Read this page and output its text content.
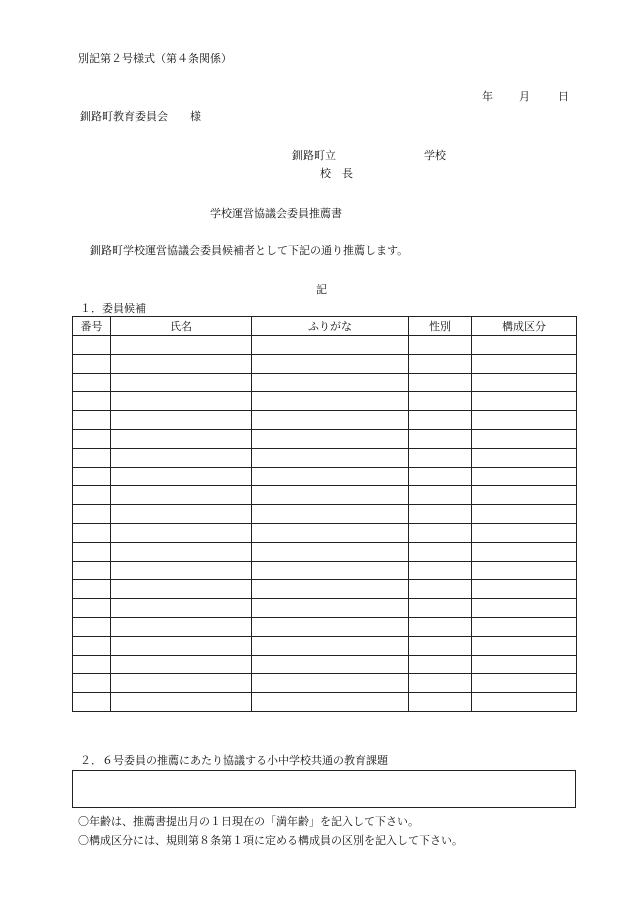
別記第２号様式（第４条関係）
年 月	日
釧路町教育委員会　　様
釧路町立	学校
校　長
学校運営協議会委員推薦書
釧路町学校運営協議会委員候補者として下記の通り推薦します。
記
１．委員候補
番号	氏名	ふりがな	性別	構成区分

２．６号委員の推薦にあたり協議する小中学校共通の教育課題
〇年齢は、推薦書提出月の１日現在の「満年齢」を記入して下さい。
〇構成区分には、規則第８条第１項に定める構成員の区別を記入して下さい。
